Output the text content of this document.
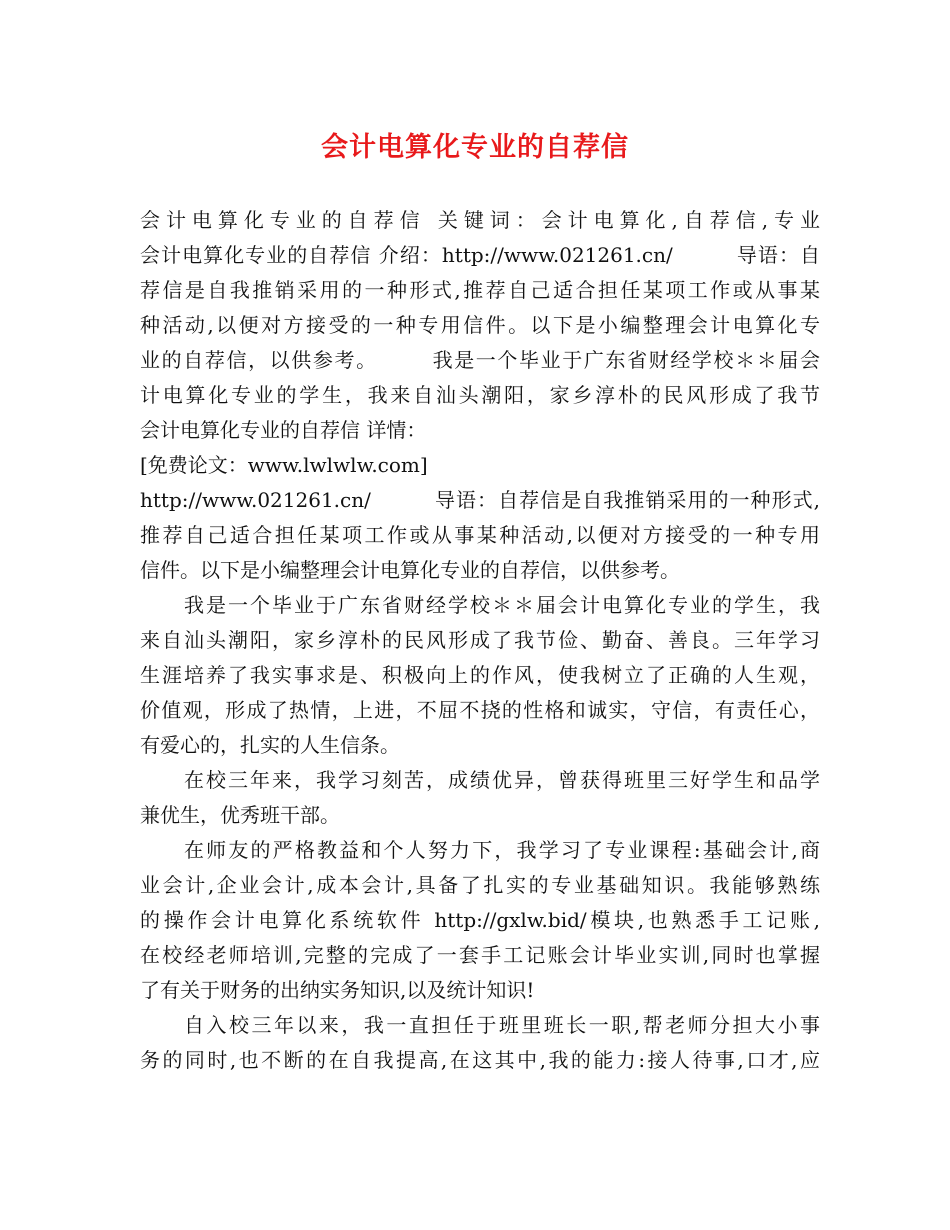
会计电算化专业的自荐信
会计电算化专业的自荐信 关键词：会计电算化,自荐信,专业
会计电算化专业的自荐信 介绍：http://www.021261.cn/　　　导语：自
荐信是自我推销采用的一种形式,推荐自己适合担任某项工作或从事某
种活动,以便对方接受的一种专用信件。以下是小编整理会计电算化专
业的自荐信，以供参考。　　　我是一个毕业于广东省财经学校＊＊届会
计电算化专业的学生，我来自汕头潮阳，家乡淳朴的民风形成了我节
会计电算化专业的自荐信 详情：
[免费论文：www.lwlwlw.com]
http://www.021261.cn/　　　导语：自荐信是自我推销采用的一种形式,
推荐自己适合担任某项工作或从事某种活动,以便对方接受的一种专用
信件。以下是小编整理会计电算化专业的自荐信，以供参考。
我是一个毕业于广东省财经学校＊＊届会计电算化专业的学生，我
来自汕头潮阳，家乡淳朴的民风形成了我节俭、勤奋、善良。三年学习
生涯培养了我实事求是、积极向上的作风，使我树立了正确的人生观，
价值观，形成了热情，上进，不屈不挠的性格和诚实，守信，有责任心，
有爱心的，扎实的人生信条。
在校三年来，我学习刻苦，成绩优异，曾获得班里三好学生和品学
兼优生，优秀班干部。
在师友的严格教益和个人努力下，我学习了专业课程:基础会计,商
业会计,企业会计,成本会计,具备了扎实的专业基础知识。我能够熟练
的操作会计电算化系统软件 http://gxlw.bid/模块,也熟悉手工记账,
在校经老师培训,完整的完成了一套手工记账会计毕业实训,同时也掌握
了有关于财务的出纳实务知识,以及统计知识!
自入校三年以来，我一直担任于班里班长一职,帮老师分担大小事
务的同时,也不断的在自我提高,在这其中,我的能力:接人待事,口才,应
